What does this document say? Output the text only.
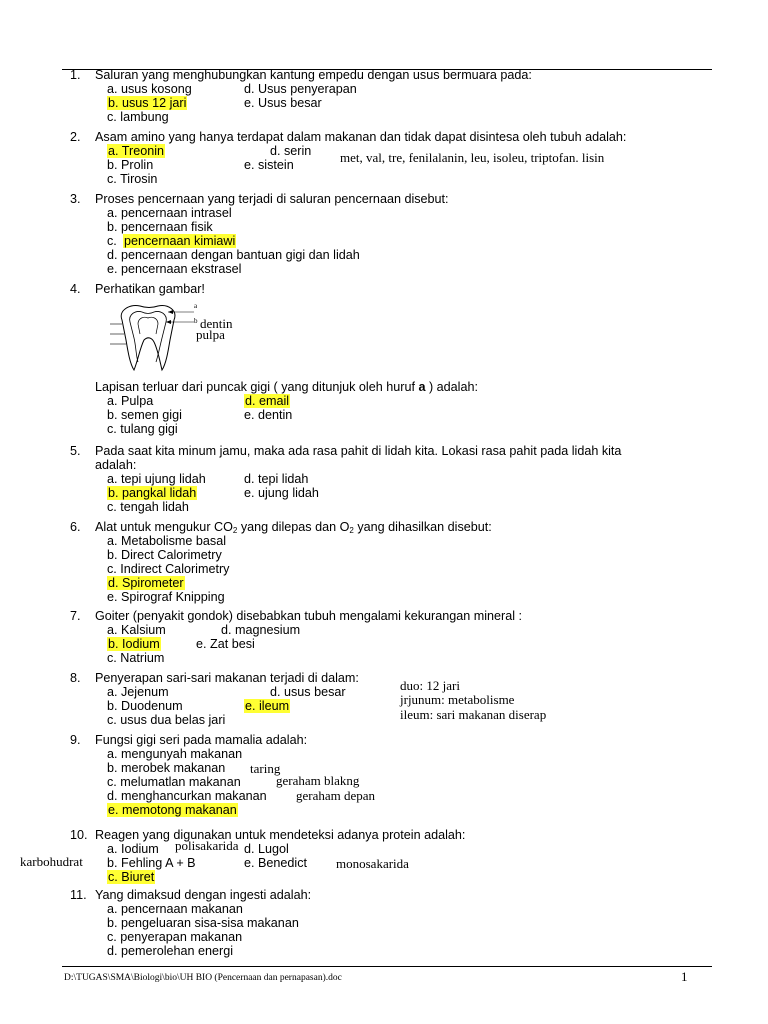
1. Saluran yang menghubungkan kantung empedu dengan usus bermuara pada:
a. usus kosong	d. Usus penyerapan
b. usus 12 jari	e. Usus besar
c. lambung
2. Asam amino yang hanya terdapat dalam makanan dan tidak dapat disintesa oleh tubuh adalah:
a. Treonin	d. serin
b. Prolin	e. sistein
c. Tirosin
met, val, tre, fenilalanin, leu, isoleu, triptofan. lisin
3. Proses pencernaan yang terjadi di saluran pencernaan disebut:
a. pencernaan intrasel
b. pencernaan fisik
c. pencernaan kimiawi
d. pencernaan dengan bantuan gigi dan lidah
e. pencernaan ekstrasel
4. Perhatikan gambar!
a
b dentin
pulpa
Lapisan terluar dari puncak gigi ( yang ditunjuk oleh huruf a ) adalah:
a. Pulpa	d. email
b. semen gigi	e. dentin
c. tulang gigi
5. Pada saat kita minum jamu, maka ada rasa pahit di lidah kita. Lokasi rasa pahit pada lidah kita
adalah:
a. tepi ujung lidah	d. tepi lidah
b. pangkal lidah	e. ujung lidah
c. tengah lidah
6. Alat untuk mengukur $CO_2$ yang dilepas dan $O_2$ yang dihasilkan disebut:
a. Metabolisme basal
b. Direct Calorimetry
c. Indirect Calorimetry
d. Spirometer
e. Spirograf Knipping
7. Goiter (penyakit gondok) disebabkan tubuh mengalami kekurangan mineral :
a. Kalsium	d. magnesium
b. Iodium	e. Zat besi
c. Natrium
8. Penyerapan sari-sari makanan terjadi di dalam:
a. Jejenum	d. usus besar
b. Duodenum	e. ileum
c. usus dua belas jari
duo: 12 jari
jrjunum: metabolisme
ileum: sari makanan diserap
9. Fungsi gigi seri pada mamalia adalah:
a. mengunyah makanan
b. merobek makanan
c. melumatlan makanan
d. menghancurkan makanan
e. memotong makanan
taring
geraham blakng
geraham depan
10. Reagen yang digunakan untuk mendeteksi adanya protein adalah:
a. Iodium polisakarida d. Lugol
karbohudrat b. Fehling A + B	e. Benedict monosakarida
c. Biuret
11. Yang dimaksud dengan ingesti adalah:
a. pencernaan makanan
b. pengeluaran sisa-sisa makanan
c. penyerapan makanan
d. pemerolehan energi
D:\TUGAS\SMA\Biologi\bio\UH BIO (Pencernaan dan pernapasan).doc	1
